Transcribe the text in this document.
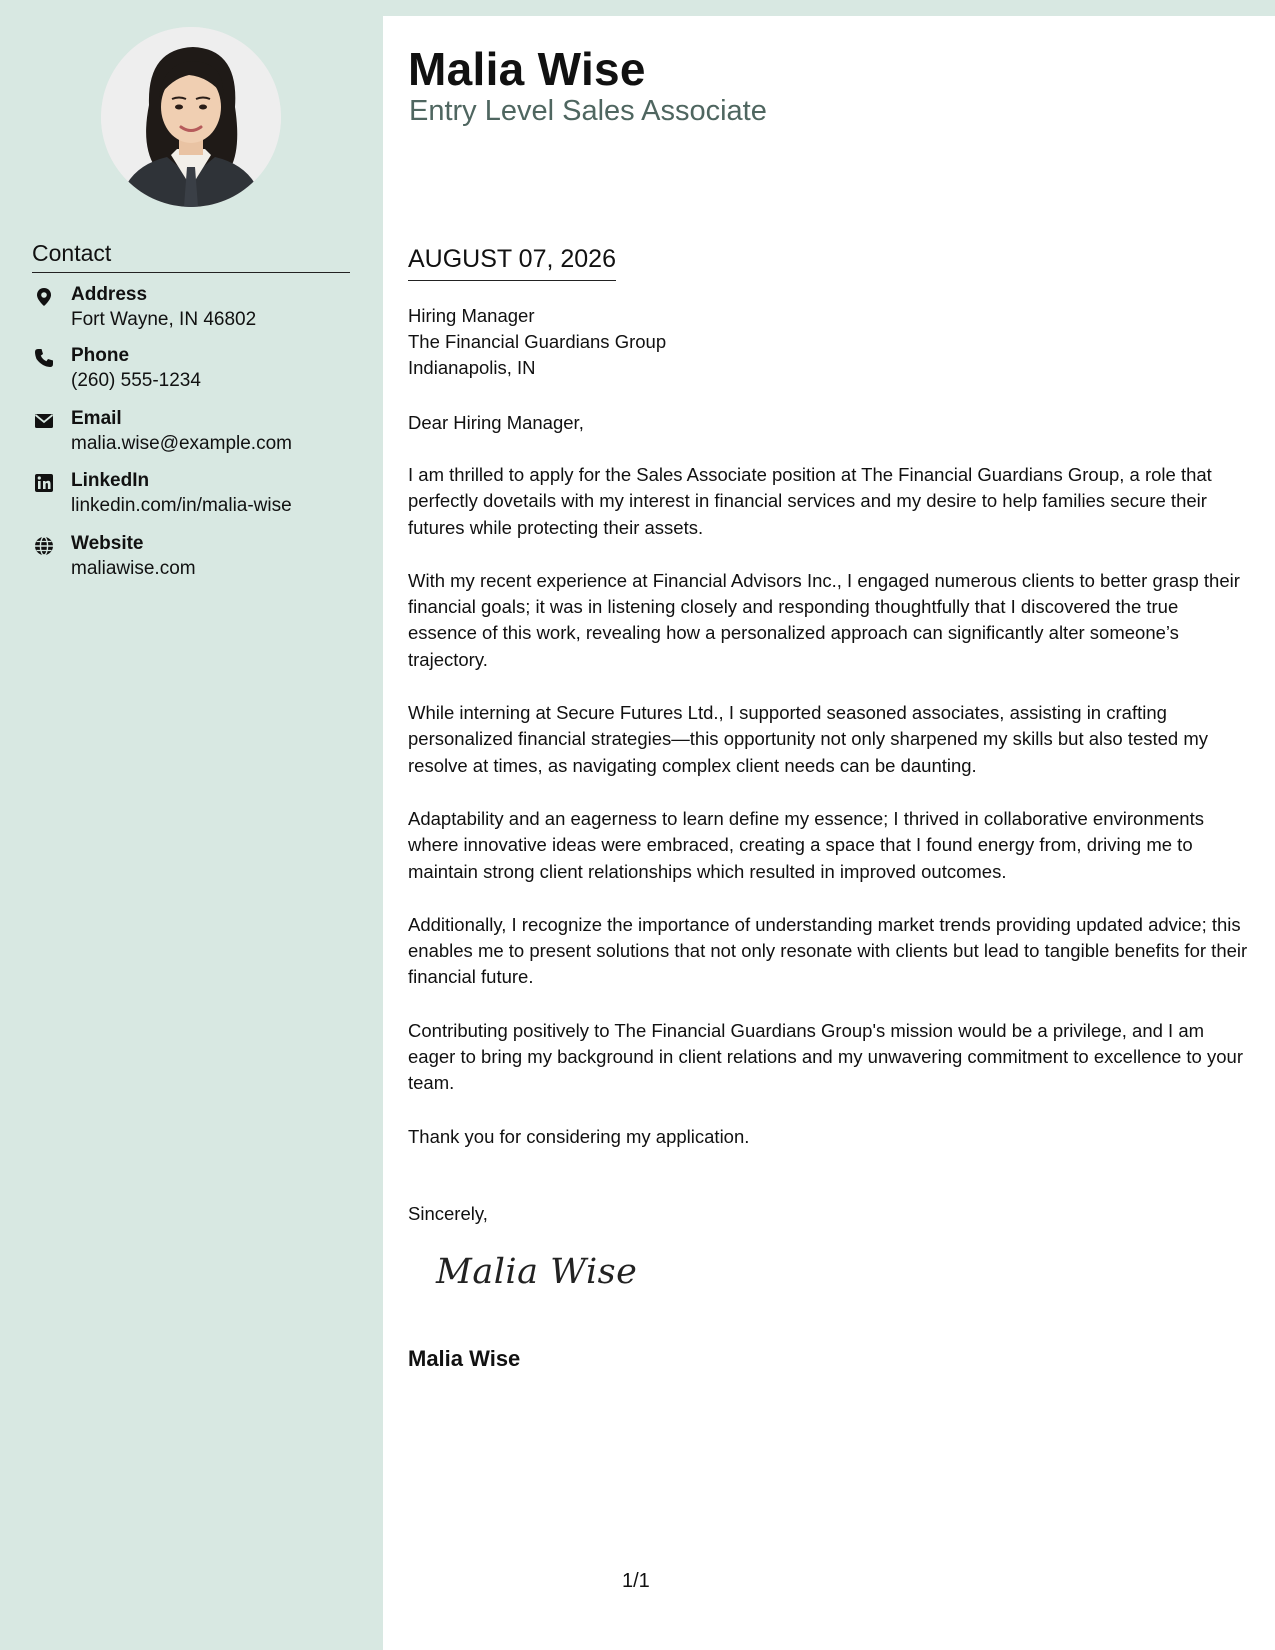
Contact
Address
Fort Wayne, IN 46802
Phone
(260) 555-1234
Email
malia.wise@example.com
LinkedIn
linkedin.com/in/malia-wise
Website
maliawise.com
Malia Wise
Entry Level Sales Associate
AUGUST 07, 2026
Hiring Manager
The Financial Guardians Group
Indianapolis, IN
Dear Hiring Manager,

I am thrilled to apply for the Sales Associate position at The Financial Guardians Group, a role that perfectly dovetails with my interest in financial services and my desire to help families secure their futures while protecting their assets.

With my recent experience at Financial Advisors Inc., I engaged numerous clients to better grasp their financial goals; it was in listening closely and responding thoughtfully that I discovered the true essence of this work, revealing how a personalized approach can significantly alter someone’s trajectory.

While interning at Secure Futures Ltd., I supported seasoned associates, assisting in crafting personalized financial strategies—this opportunity not only sharpened my skills but also tested my resolve at times, as navigating complex client needs can be daunting.

Adaptability and an eagerness to learn define my essence; I thrived in collaborative environments where innovative ideas were embraced, creating a space that I found energy from, driving me to maintain strong client relationships which resulted in improved outcomes.

Additionally, I recognize the importance of understanding market trends providing updated advice; this enables me to present solutions that not only resonate with clients but lead to tangible benefits for their financial future.

Contributing positively to The Financial Guardians Group's mission would be a privilege, and I am eager to bring my background in client relations and my unwavering commitment to excellence to your team.

Thank you for considering my application.

Sincerely,
Malia Wise
Malia Wise
1/1
